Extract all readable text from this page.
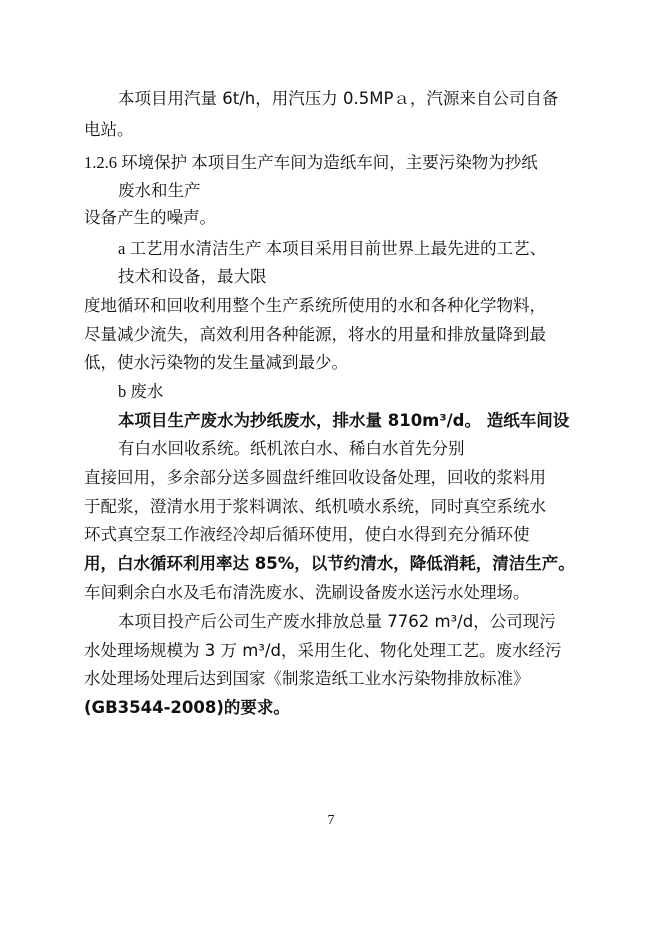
本项目用汽量 6t/h，用汽压力 0.5MPａ，汽源来自公司自备
电站。
1.2.6 环境保护 本项目生产车间为造纸车间，主要污染物为抄纸
废水和生产
设备产生的噪声。
a 工艺用水清洁生产 本项目采用目前世界上最先进的工艺、
技术和设备，最大限
度地循环和回收利用整个生产系统所使用的水和各种化学物料，
尽量减少流失，高效利用各种能源，将水的用量和排放量降到最
低，使水污染物的发生量减到最少。
b 废水
本项目生产废水为抄纸废水，排水量 810m³/d。 造纸车间设
有白水回收系统。纸机浓白水、稀白水首先分别
直接回用，多余部分送多圆盘纤维回收设备处理，回收的浆料用
于配浆，澄清水用于浆料调浓、纸机喷水系统，同时真空系统水
环式真空泵工作液经冷却后循环使用，使白水得到充分循环使
用，白水循环利用率达 85%，以节约清水，降低消耗，清洁生产。
车间剩余白水及毛布清洗废水、洗刷设备废水送污水处理场。
本项目投产后公司生产废水排放总量 7762 m³/d，公司现污
水处理场规模为 3 万 m³/d，采用生化、物化处理工艺。废水经污
水处理场处理后达到国家《制浆造纸工业水污染物排放标准》
(GB3544-2008)的要求。
7
